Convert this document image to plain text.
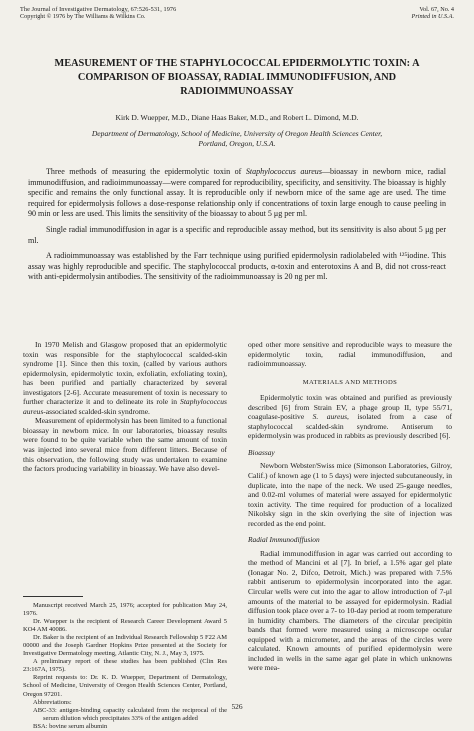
The Journal of Investigative Dermatology, 67:526-531, 1976
Copyright © 1976 by The Williams & Wilkins Co.
Vol. 67, No. 4
Printed in U.S.A.
MEASUREMENT OF THE STAPHYLOCOCCAL EPIDERMOLYTIC TOXIN: A COMPARISON OF BIOASSAY, RADIAL IMMUNODIFFUSION, AND RADIOIMMUNOASSAY
Kirk D. Wuepper, M.D., Diane Haas Baker, M.D., and Robert L. Dimond, M.D.
Department of Dermatology, School of Medicine, University of Oregon Health Sciences Center,
Portland, Oregon, U.S.A.

Three methods of measuring the epidermolytic toxin of Staphylococcus aureus—bioassay in newborn mice, radial immunodiffusion, and radioimmunoassay—were compared for reproducibility, specificity, and sensitivity. The bioassay is highly specific and remains the only functional assay. It is reproducible only if newborn mice of the same age are used. The time required for epidermolysis follows a dose-response relationship only if concentrations of toxin large enough to cause peeling in 90 min or less are used. This limits the sensitivity of the bioassay to about 5 μg per ml.

Single radial immunodiffusion in agar is a specific and reproducible assay method, but its sensitivity is also about 5 μg per ml.

A radioimmunoassay was established by the Farr technique using purified epidermolysin radiolabeled with ¹²⁵iodine. This assay was highly reproducible and specific. The staphylococcal products, α-toxin and enterotoxins A and B, did not cross-react with anti-epidermolysin antibodies. The sensitivity of the radioimmunoassay is 20 ng per ml.

In 1970 Melish and Glasgow proposed that an epidermolytic toxin was responsible for the staphylococcal scalded-skin syndrome [1]. Since then this toxin, (called by various authors epidermolysin, epidermolytic toxin, exfoliatin, exfoliating toxin), has been purified and partially characterized by several investigators [2-6]. Accurate measurement of toxin is necessary to further characterize it and to delineate its role in Staphylococcus aureus-associated scalded-skin syndrome.

Measurement of epidermolysin has been limited to a functional bioassay in newborn mice. In our laboratories, bioassay results were found to be quite variable when the same amount of toxin was injected into several mice from different litters. Because of this observation, the following study was undertaken to examine the factors producing variability in bioassay. We have also devel-

Manuscript received March 25, 1976; accepted for publication May 24, 1976.

Dr. Wuepper is the recipient of Research Career Development Award 5 KO4 AM 40086.

Dr. Baker is the recipient of an Individual Research Fellowship 5 F22 AM 00000 and the Joseph Gardner Hopkins Prize presented at the Society for Investigative Dermatology meeting, Atlantic City, N. J., May 3, 1975.

A preliminary report of these studies has been published (Clin Res 23:167A, 1975).

Reprint requests to: Dr. K. D. Wuepper, Department of Dermatology, School of Medicine, University of Oregon Health Sciences Center, Portland, Oregon 97201.

Abbreviations:

ABC-33: antigen-binding capacity calculated from the reciprocal of the serum dilution which precipitates 33% of the antigen added

BSA: bovine serum albumin

oped other more sensitive and reproducible ways to measure the epidermolytic toxin, radial immunodiffusion, and radioimmunoassay.

MATERIALS AND METHODS

Epidermolytic toxin was obtained and purified as previously described [6] from Strain EV, a phage group II, type 55/71, coagulase-positive S. aureus, isolated from a case of staphylococcal scalded-skin syndrome. Antiserum to epidermolysin was produced in rabbits as previously described [6].

Bioassay

Newborn Webster/Swiss mice (Simonson Laboratories, Gilroy, Calif.) of known age (1 to 5 days) were injected subcutaneously, in duplicate, into the nape of the neck. We used 25-gauge needles, and 0.02-ml volumes of material were assayed for epidermolytic toxin activity. The time required for production of a localized Nikolsky sign in the skin overlying the site of injection was recorded as the end point.

Radial Immunodiffusion

Radial immunodiffusion in agar was carried out according to the method of Mancini et al [7]. In brief, a 1.5% agar gel plate (Ionagar No. 2, Difco, Detroit, Mich.) was prepared with 7.5% rabbit antiserum to epidermolysin incorporated into the agar. Circular wells were cut into the agar to allow introduction of 7-μl amounts of the material to be assayed for epidermolysin. Radial diffusion took place over a 7- to 10-day period at room temperature in humidity chambers. The diameters of the circular precipitin bands that formed were measured using a microscope ocular equipped with a micrometer, and the areas of the circles were calculated. Known amounts of purified epidermolysin were included in wells in the same agar gel plate in which unknowns were mea-

526
